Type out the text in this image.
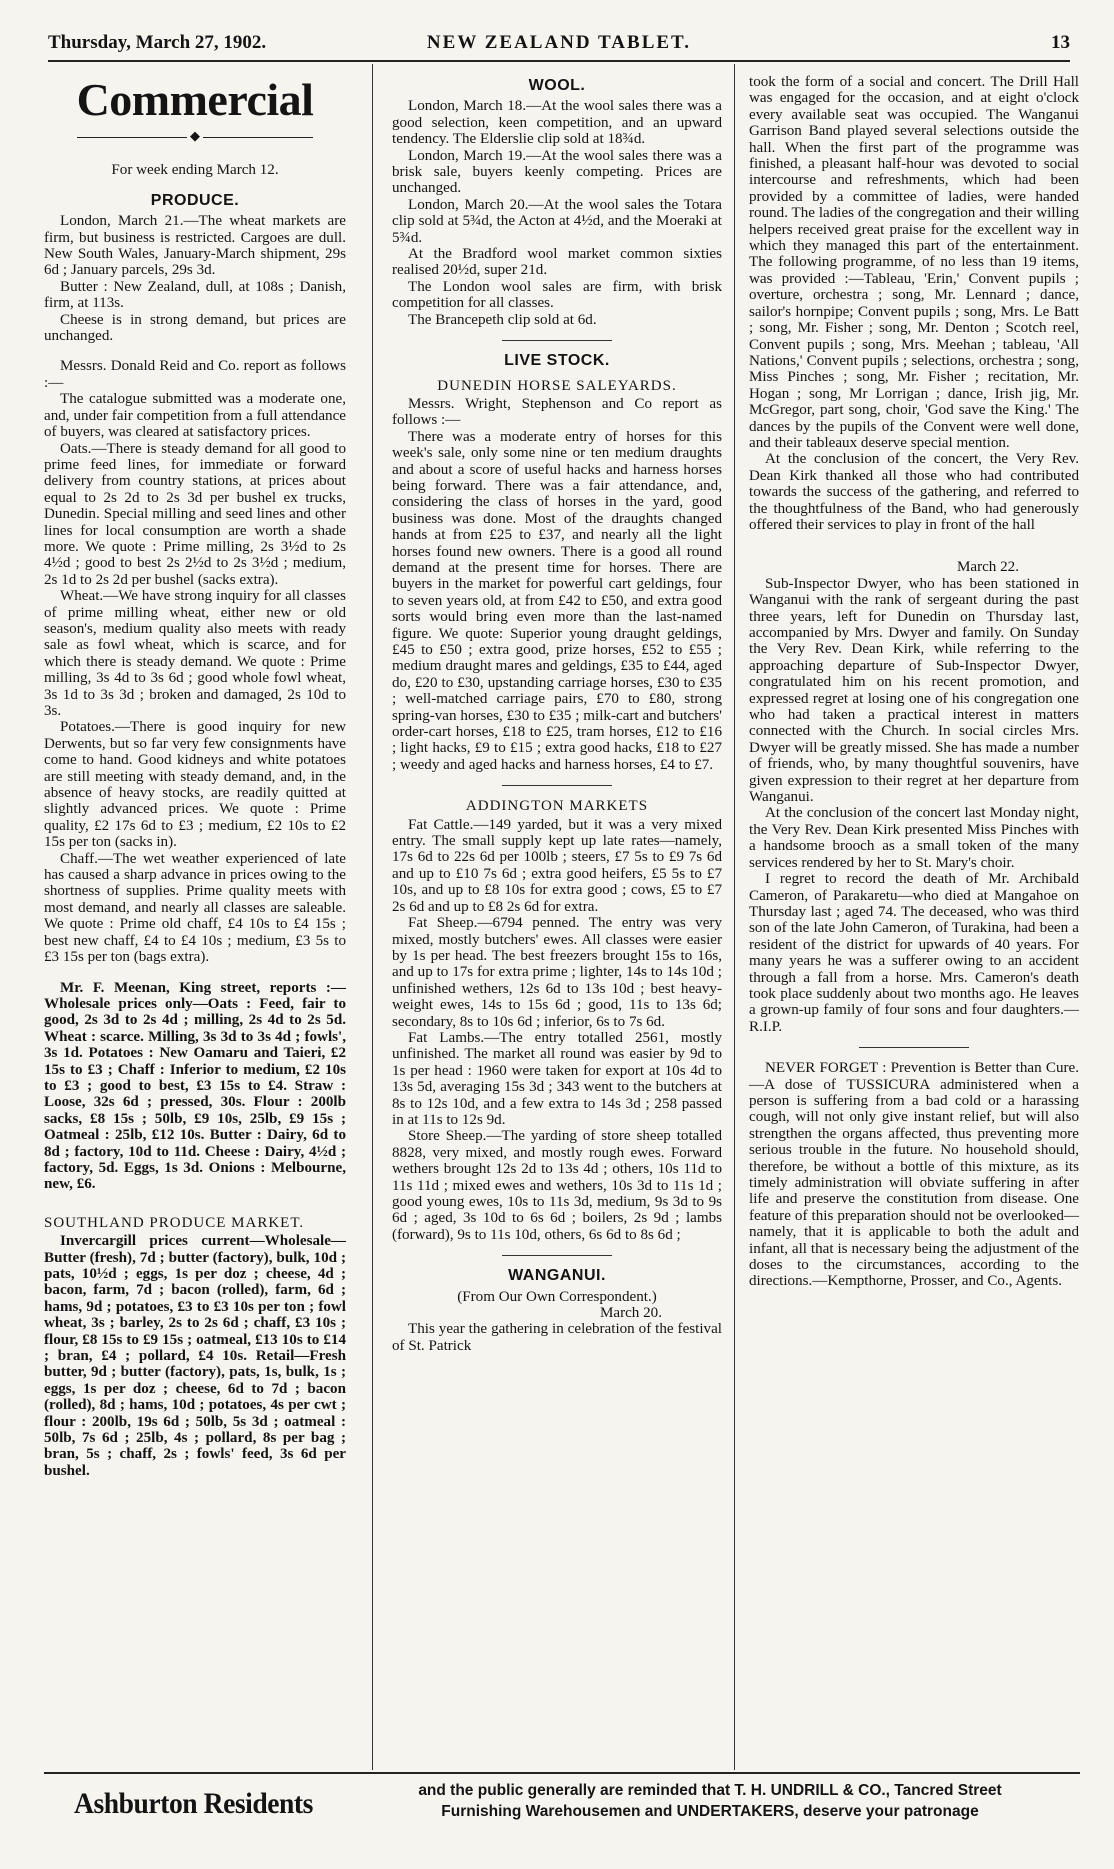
Thursday, March 27, 1902.	NEW ZEALAND TABLET.	13
Commercial
◆

For week ending March 12.

PRODUCE.

London, March 21.—The wheat markets are firm, but business is restricted. Cargoes are dull. New South Wales, January-March shipment, 29s 6d ; January parcels, 29s 3d.

Butter : New Zealand, dull, at 108s ; Danish, firm, at 113s.

Cheese is in strong demand, but prices are unchanged.

Messrs. Donald Reid and Co. report as follows :—

The catalogue submitted was a moderate one, and, under fair competition from a full attendance of buyers, was cleared at satisfactory prices.

Oats.—There is steady demand for all good to prime feed lines, for immediate or forward delivery from country stations, at prices about equal to 2s 2d to 2s 3d per bushel ex trucks, Dunedin. Special milling and seed lines and other lines for local consumption are worth a shade more. We quote : Prime milling, 2s 3½d to 2s 4½d ; good to best 2s 2½d to 2s 3½d ; medium, 2s 1d to 2s 2d per bushel (sacks extra).

Wheat.—We have strong inquiry for all classes of prime milling wheat, either new or old season's, medium quality also meets with ready sale as fowl wheat, which is scarce, and for which there is steady demand. We quote : Prime milling, 3s 4d to 3s 6d ; good whole fowl wheat, 3s 1d to 3s 3d ; broken and damaged, 2s 10d to 3s.

Potatoes.—There is good inquiry for new Derwents, but so far very few consignments have come to hand. Good kidneys and white potatoes are still meeting with steady demand, and, in the absence of heavy stocks, are readily quitted at slightly advanced prices. We quote : Prime quality, £2 17s 6d to £3 ; medium, £2 10s to £2 15s per ton (sacks in).

Chaff.—The wet weather experienced of late has caused a sharp advance in prices owing to the shortness of supplies. Prime quality meets with most demand, and nearly all classes are saleable. We quote : Prime old chaff, £4 10s to £4 15s ; best new chaff, £4 to £4 10s ; medium, £3 5s to £3 15s per ton (bags extra).

Mr. F. Meenan, King street, reports :—Wholesale prices only—Oats : Feed, fair to good, 2s 3d to 2s 4d ; milling, 2s 4d to 2s 5d. Wheat : scarce. Milling, 3s 3d to 3s 4d ; fowls', 3s 1d. Potatoes : New Oamaru and Taieri, £2 15s to £3 ; Chaff : Inferior to medium, £2 10s to £3 ; good to best, £3 15s to £4. Straw : Loose, 32s 6d ; pressed, 30s. Flour : 200lb sacks, £8 15s ; 50lb, £9 10s, 25lb, £9 15s ; Oatmeal : 25lb, £12 10s. Butter : Dairy, 6d to 8d ; factory, 10d to 11d. Cheese : Dairy, 4½d ; factory, 5d. Eggs, 1s 3d. Onions : Melbourne, new, £6.

SOUTHLAND PRODUCE MARKET.

Invercargill prices current—Wholesale—Butter (fresh), 7d ; butter (factory), bulk, 10d ; pats, 10½d ; eggs, 1s per doz ; cheese, 4d ; bacon, farm, 7d ; bacon (rolled), farm, 6d ; hams, 9d ; potatoes, £3 to £3 10s per ton ; fowl wheat, 3s ; barley, 2s to 2s 6d ; chaff, £3 10s ; flour, £8 15s to £9 15s ; oatmeal, £13 10s to £14 ; bran, £4 ; pollard, £4 10s. Retail—Fresh butter, 9d ; butter (factory), pats, 1s, bulk, 1s ; eggs, 1s per doz ; cheese, 6d to 7d ; bacon (rolled), 8d ; hams, 10d ; potatoes, 4s per cwt ; flour : 200lb, 19s 6d ; 50lb, 5s 3d ; oatmeal : 50lb, 7s 6d ; 25lb, 4s ; pollard, 8s per bag ; bran, 5s ; chaff, 2s ; fowls' feed, 3s 6d per bushel.

WOOL.

London, March 18.—At the wool sales there was a good selection, keen competition, and an upward tendency. The Elderslie clip sold at 18¾d.

London, March 19.—At the wool sales there was a brisk sale, buyers keenly competing. Prices are unchanged.

London, March 20.—At the wool sales the Totara clip sold at 5¾d, the Acton at 4½d, and the Moeraki at 5¾d.

At the Bradford wool market common sixties realised 20½d, super 21d.

The London wool sales are firm, with brisk competition for all classes.

The Brancepeth clip sold at 6d.

LIVE STOCK.
DUNEDIN HORSE SALEYARDS.

Messrs. Wright, Stephenson and Co report as follows :—

There was a moderate entry of horses for this week's sale, only some nine or ten medium draughts and about a score of useful hacks and harness horses being forward. There was a fair attendance, and, considering the class of horses in the yard, good business was done. Most of the draughts changed hands at from £25 to £37, and nearly all the light horses found new owners. There is a good all round demand at the present time for horses. There are buyers in the market for powerful cart geldings, four to seven years old, at from £42 to £50, and extra good sorts would bring even more than the last-named figure. We quote: Superior young draught geldings, £45 to £50 ; extra good, prize horses, £52 to £55 ; medium draught mares and geldings, £35 to £44, aged do, £20 to £30, upstanding carriage horses, £30 to £35 ; well-matched carriage pairs, £70 to £80, strong spring-van horses, £30 to £35 ; milk-cart and butchers' order-cart horses, £18 to £25, tram horses, £12 to £16 ; light hacks, £9 to £15 ; extra good hacks, £18 to £27 ; weedy and aged hacks and harness horses, £4 to £7.

ADDINGTON MARKETS

Fat Cattle.—149 yarded, but it was a very mixed entry. The small supply kept up late rates—namely, 17s 6d to 22s 6d per 100lb ; steers, £7 5s to £9 7s 6d and up to £10 7s 6d ; extra good heifers, £5 5s to £7 10s, and up to £8 10s for extra good ; cows, £5 to £7 2s 6d and up to £8 2s 6d for extra.

Fat Sheep.—6794 penned. The entry was very mixed, mostly butchers' ewes. All classes were easier by 1s per head. The best freezers brought 15s to 16s, and up to 17s for extra prime ; lighter, 14s to 14s 10d ; unfinished wethers, 12s 6d to 13s 10d ; best heavy-weight ewes, 14s to 15s 6d ; good, 11s to 13s 6d; secondary, 8s to 10s 6d ; inferior, 6s to 7s 6d.

Fat Lambs.—The entry totalled 2561, mostly unfinished. The market all round was easier by 9d to 1s per head : 1960 were taken for export at 10s 4d to 13s 5d, averaging 15s 3d ; 343 went to the butchers at 8s to 12s 10d, and a few extra to 14s 3d ; 258 passed in at 11s to 12s 9d.

Store Sheep.—The yarding of store sheep totalled 8828, very mixed, and mostly rough ewes. Forward wethers brought 12s 2d to 13s 4d ; others, 10s 11d to 11s 11d ; mixed ewes and wethers, 10s 3d to 11s 1d ; good young ewes, 10s to 11s 3d, medium, 9s 3d to 9s 6d ; aged, 3s 10d to 6s 6d ; boilers, 2s 9d ; lambs (forward), 9s to 11s 10d, others, 6s 6d to 8s 6d ;

WANGANUI.

(From Our Own Correspondent.)

March 20.

This year the gathering in celebration of the festival of St. Patrick

took the form of a social and concert. The Drill Hall was engaged for the occasion, and at eight o'clock every available seat was occupied. The Wanganui Garrison Band played several selections outside the hall. When the first part of the programme was finished, a pleasant half-hour was devoted to social intercourse and refreshments, which had been provided by a committee of ladies, were handed round. The ladies of the congregation and their willing helpers received great praise for the excellent way in which they managed this part of the entertainment. The following programme, of no less than 19 items, was provided :—Tableau, 'Erin,' Convent pupils ; overture, orchestra ; song, Mr. Lennard ; dance, sailor's hornpipe; Convent pupils ; song, Mrs. Le Batt ; song, Mr. Fisher ; song, Mr. Denton ; Scotch reel, Convent pupils ; song, Mrs. Meehan ; tableau, 'All Nations,' Convent pupils ; selections, orchestra ; song, Miss Pinches ; song, Mr. Fisher ; recitation, Mr. Hogan ; song, Mr Lorrigan ; dance, Irish jig, Mr. McGregor, part song, choir, 'God save the King.' The dances by the pupils of the Convent were well done, and their tableaux deserve special mention.

At the conclusion of the concert, the Very Rev. Dean Kirk thanked all those who had contributed towards the success of the gathering, and referred to the thoughtfulness of the Band, who had generously offered their services to play in front of the hall

March 22.

Sub-Inspector Dwyer, who has been stationed in Wanganui with the rank of sergeant during the past three years, left for Dunedin on Thursday last, accompanied by Mrs. Dwyer and family. On Sunday the Very Rev. Dean Kirk, while referring to the approaching departure of Sub-Inspector Dwyer, congratulated him on his recent promotion, and expressed regret at losing one of his congregation one who had taken a practical interest in matters connected with the Church. In social circles Mrs. Dwyer will be greatly missed. She has made a number of friends, who, by many thoughtful souvenirs, have given expression to their regret at her departure from Wanganui.

At the conclusion of the concert last Monday night, the Very Rev. Dean Kirk presented Miss Pinches with a handsome brooch as a small token of the many services rendered by her to St. Mary's choir.

I regret to record the death of Mr. Archibald Cameron, of Parakaretu—who died at Mangahoe on Thursday last ; aged 74. The deceased, who was third son of the late John Cameron, of Turakina, had been a resident of the district for upwards of 40 years. For many years he was a sufferer owing to an accident through a fall from a horse. Mrs. Cameron's death took place suddenly about two months ago. He leaves a grown-up family of four sons and four daughters.—R.I.P.

NEVER FORGET : Prevention is Better than Cure.—A dose of TUSSICURA administered when a person is suffering from a bad cold or a harassing cough, will not only give instant relief, but will also strengthen the organs affected, thus preventing more serious trouble in the future. No household should, therefore, be without a bottle of this mixture, as its timely administration will obviate suffering in after life and preserve the constitution from disease. One feature of this preparation should not be overlooked—namely, that it is applicable to both the adult and infant, all that is necessary being the adjustment of the doses to the circumstances, according to the directions.—Kempthorne, Prosser, and Co., Agents.

Ashburton Residents	and the public generally are reminded that T. H. UNDRILL & CO., Tancred Street
Furnishing Warehousemen and UNDERTAKERS, deserve your patronage
